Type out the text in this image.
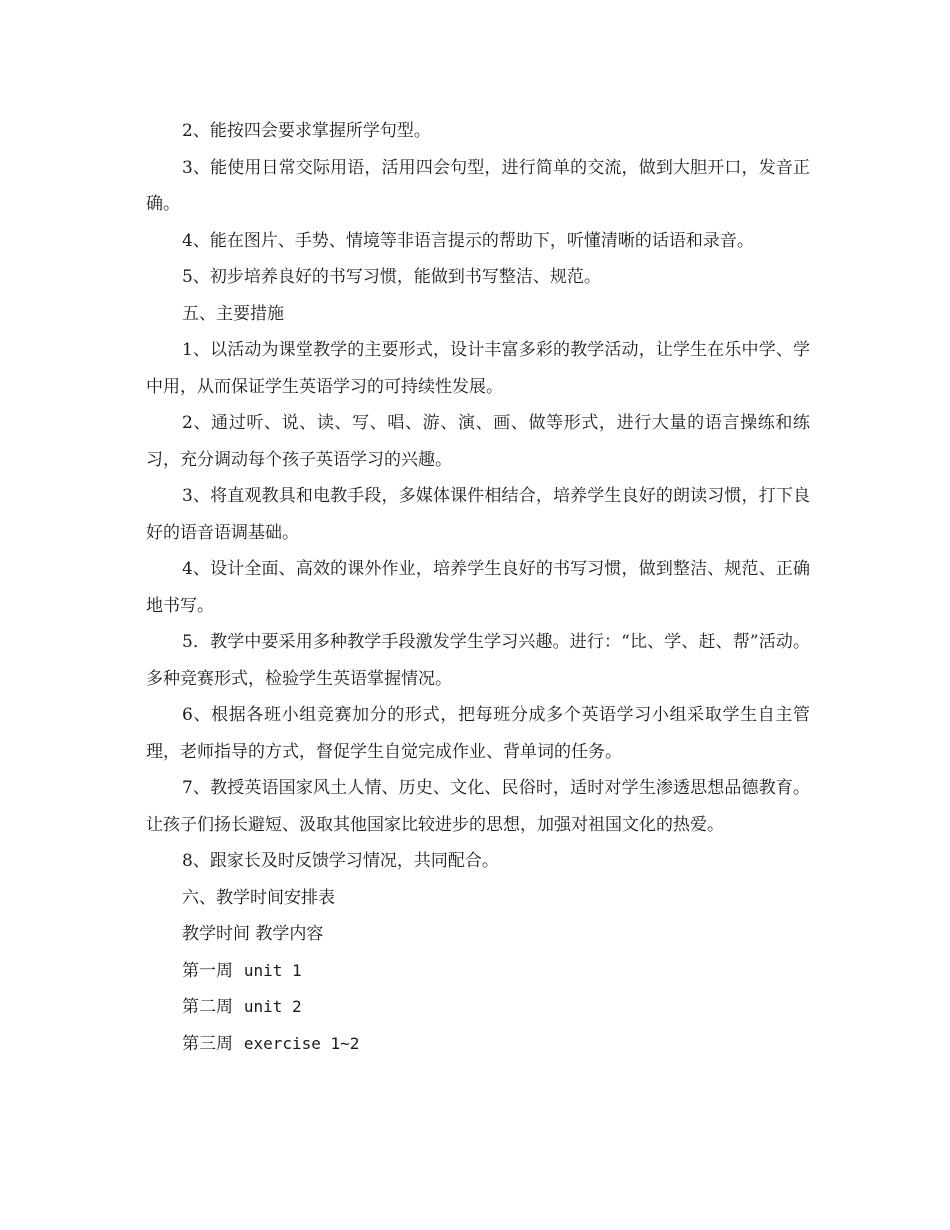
2、能按四会要求掌握所学句型。

3、能使用日常交际用语，活用四会句型，进行简单的交流，做到大胆开口，发音正确。

4、能在图片、手势、情境等非语言提示的帮助下，听懂清晰的话语和录音。

5、初步培养良好的书写习惯，能做到书写整洁、规范。

五、主要措施

1、以活动为课堂教学的主要形式，设计丰富多彩的教学活动，让学生在乐中学、学中用，从而保证学生英语学习的可持续性发展。

2、通过听、说、读、写、唱、游、演、画、做等形式，进行大量的语言操练和练习，充分调动每个孩子英语学习的兴趣。

3、将直观教具和电教手段，多媒体课件相结合，培养学生良好的朗读习惯，打下良好的语音语调基础。

4、设计全面、高效的课外作业，培养学生良好的书写习惯，做到整洁、规范、正确地书写。

5．教学中要采用多种教学手段激发学生学习兴趣。进行：“比、学、赶、帮”活动。多种竞赛形式，检验学生英语掌握情况。

6、根据各班小组竞赛加分的形式，把每班分成多个英语学习小组采取学生自主管理，老师指导的方式，督促学生自觉完成作业、背单词的任务。

7、教授英语国家风土人情、历史、文化、民俗时，适时对学生渗透思想品德教育。让孩子们扬长避短、汲取其他国家比较进步的思想，加强对祖国文化的热爱。

8、跟家长及时反馈学习情况，共同配合。

六、教学时间安排表

教学时间 教学内容

第一周 unit 1

第二周 unit 2

第三周 exercise 1~2
